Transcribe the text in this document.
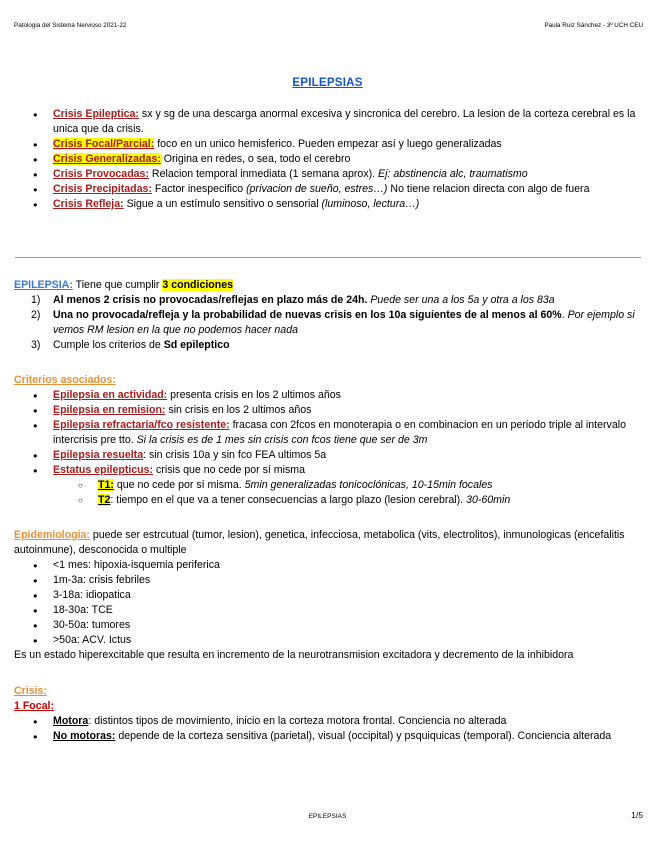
Patologia del Sistema Nervioso 2021-22	Paula Ruiz Sánchez - 3º UCH CEU
EPILEPSIAS
● Crisis Epileptica: sx y sg de una descarga anormal excesiva y sincronica del cerebro. La lesion de la corteza cerebral es la unica que da crisis.
● Crisis Focal/Parcial: foco en un unico hemisferico. Pueden empezar así y luego generalizadas
● Crisis Generalizadas: Origina en redes, o sea, todo el cerebro
● Crisis Provocadas: Relacion temporal inmediata (1 semana aprox). Ej: abstinencia alc, traumatismo
● Crisis Precipitadas: Factor inespecifico (privacion de sueño, estres…) No tiene relacion directa con algo de fuera
● Crisis Refleja: Sigue a un estímulo sensitivo o sensorial (luminoso, lectura…)
EPILEPSIA: Tiene que cumplir 3 condiciones
1) Al menos 2 crisis no provocadas/reflejas en plazo más de 24h. Puede ser una a los 5a y otra a los 83a
2) Una no provocada/refleja y la probabilidad de nuevas crisis en los 10a siguientes de al menos al 60%. Por ejemplo si vemos RM lesion en la que no podemos hacer nada
3) Cumple los criterios de Sd epileptico
Criterios asociados:
● Epilepsia en actividad: presenta crisis en los 2 ultimos años
● Epilepsia en remision: sin crisis en los 2 ultimos años
● Epilepsia refractaria/fco resistente: fracasa con 2fcos en monoterapia o en combinacion en un periodo triple al intervalo intercrisis pre tto. Si la crisis es de 1 mes sin crisis con fcos tiene que ser de 3m
● Epilepsia resuelta: sin crisis 10a y sin fco FEA ultimos 5a
● Estatus epilepticus: crisis que no cede por sí misma
○ T1: que no cede por sí misma. 5min generalizadas tonicoclónicas, 10-15min focales
○ T2: tiempo en el que va a tener consecuencias a largo plazo (lesion cerebral). 30-60min
Epidemiologia: puede ser estrcutual (tumor, lesion), genetica, infecciosa, metabolica (vits, electrolitos), inmunologicas (encefalitis autoinmune), desconocida o multiple
● <1 mes: hipoxia-isquemia periferica
● 1m-3a: crisis febriles
● 3-18a: idiopatica
● 18-30a: TCE
● 30-50a: tumores
● >50a: ACV. Ictus
Es un estado hiperexcitable que resulta en incremento de la neurotransmision excitadora y decremento de la inhibidora
Crisis:
1 Focal:
● Motora: distintos tipos de movimiento, inicio en la corteza motora frontal. Conciencia no alterada
● No motoras: depende de la corteza sensitiva (parietal), visual (occipital) y psquiquicas (temporal). Conciencia alterada
EPILEPSIAS	1/5
